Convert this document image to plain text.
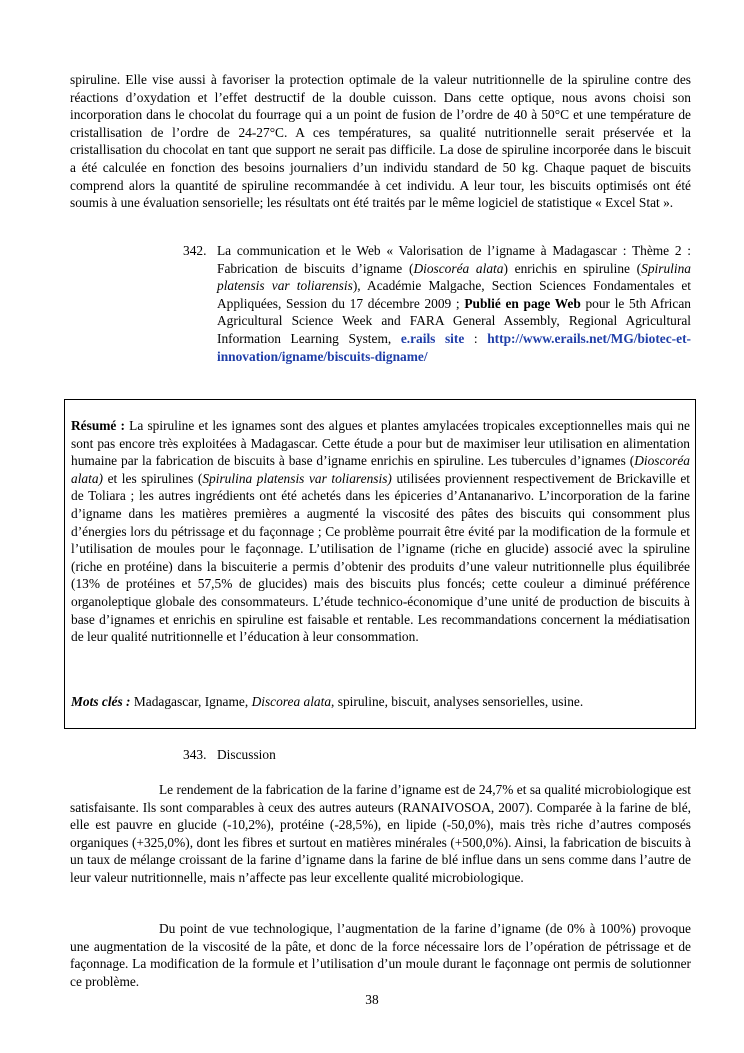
spiruline. Elle vise aussi à favoriser la protection optimale de la valeur nutritionnelle de la spiruline contre des réactions d’oxydation et l’effet destructif de la double cuisson. Dans cette optique, nous avons choisi son incorporation dans le chocolat du fourrage qui a un point de fusion de l’ordre de 40 à 50°C et une température de cristallisation de l’ordre de 24-27°C. A ces températures, sa qualité nutritionnelle serait préservée et la cristallisation du chocolat en tant que support ne serait pas difficile. La dose de spiruline incorporée dans le biscuit a été calculée en fonction des besoins journaliers d’un individu standard de 50 kg. Chaque paquet de biscuits comprend alors la quantité de spiruline recommandée à cet individu. A leur tour, les biscuits optimisés ont été soumis à une évaluation sensorielle; les résultats ont été traités par le même logiciel de statistique « Excel Stat ».

342. La communication et le Web « Valorisation de l’igname à Madagascar : Thème 2 : Fabrication de biscuits d’igname (Dioscoréa alata) enrichis en spiruline (Spirulina platensis var toliarensis), Académie Malgache, Section Sciences Fondamentales et Appliquées, Session du 17 décembre 2009 ; Publié en page Web pour le 5th African Agricultural Science Week and FARA General Assembly, Regional Agricultural Information Learning System, e.rails site : http://www.erails.net/MG/biotec-et-innovation/igname/biscuits-digname/

Résumé : La spiruline et les ignames sont des algues et plantes amylacées tropicales exceptionnelles mais qui ne sont pas encore très exploitées à Madagascar. Cette étude a pour but de maximiser leur utilisation en alimentation humaine par la fabrication de biscuits à base d’igname enrichis en spiruline. Les tubercules d’ignames (Dioscoréa alata) et les spirulines (Spirulina platensis var toliarensis) utilisées proviennent respectivement de Brickaville et de Toliara ; les autres ingrédients ont été achetés dans les épiceries d’Antananarivo. L’incorporation de la farine d’igname dans les matières premières a augmenté la viscosité des pâtes des biscuits qui consomment plus d’énergies lors du pétrissage et du façonnage ; Ce problème pourrait être évité par la modification de la formule et l’utilisation de moules pour le façonnage. L’utilisation de l’igname (riche en glucide) associé avec la spiruline (riche en protéine) dans la biscuiterie a permis d’obtenir des produits d’une valeur nutritionnelle plus équilibrée (13% de protéines et 57,5% de glucides) mais des biscuits plus foncés; cette couleur a diminué préférence organoleptique globale des consommateurs. L’étude technico-économique d’une unité de production de biscuits à base d’ignames et enrichis en spiruline est faisable et rentable. Les recommandations concernent la médiatisation de leur qualité nutritionnelle et l’éducation à leur consommation.

Mots clés : Madagascar, Igname, Discorea alata, spiruline, biscuit, analyses sensorielles, usine.

343. Discussion

Le rendement de la fabrication de la farine d’igname est de 24,7% et sa qualité microbiologique est satisfaisante. Ils sont comparables à ceux des autres auteurs (RANAIVOSOA, 2007). Comparée à la farine de blé, elle est pauvre en glucide (-10,2%), protéine (-28,5%), en lipide (-50,0%), mais très riche d’autres composés organiques (+325,0%), dont les fibres et surtout en matières minérales (+500,0%). Ainsi, la fabrication de biscuits à un taux de mélange croissant de la farine d’igname dans la farine de blé influe dans un sens comme dans l’autre de leur valeur nutritionnelle, mais n’affecte pas leur excellente qualité microbiologique.

Du point de vue technologique, l’augmentation de la farine d’igname (de 0% à 100%) provoque une augmentation de la viscosité de la pâte, et donc de la force nécessaire lors de l’opération de pétrissage et de façonnage. La modification de la formule et l’utilisation d’un moule durant le façonnage ont permis de solutionner ce problème.

38
